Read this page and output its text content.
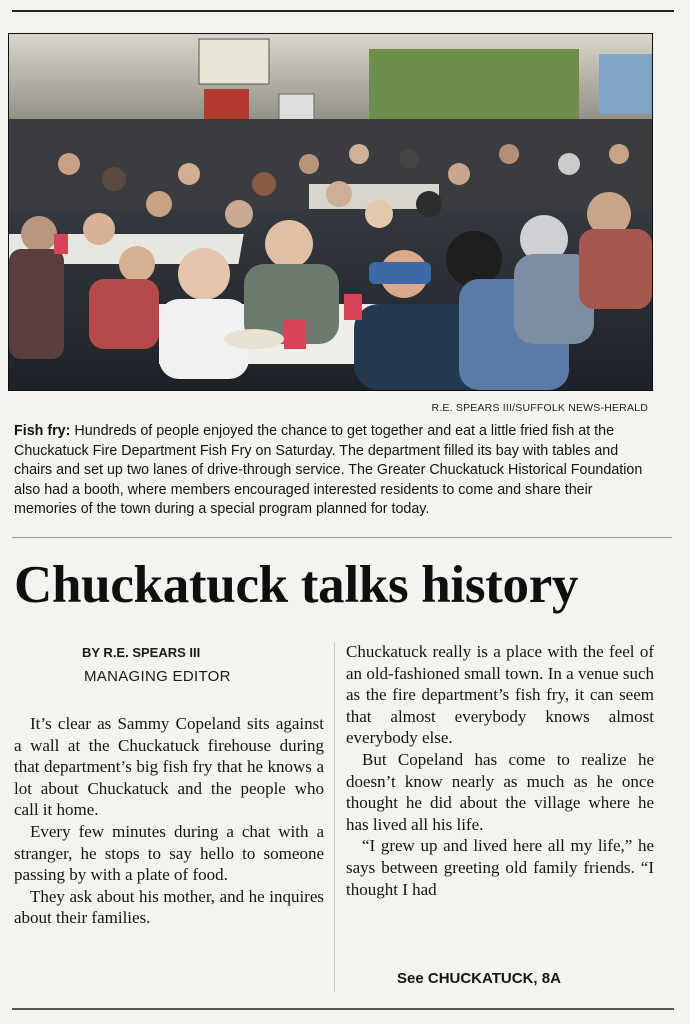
R.E. SPEARS III/SUFFOLK NEWS-HERALD
Fish fry: Hundreds of people enjoyed the chance to get together and eat a little fried fish at the Chuckatuck Fire Department Fish Fry on Saturday. The department filled its bay with tables and chairs and set up two lanes of drive-through service. The Greater Chuckatuck Historical Foundation also had a booth, where members encouraged interested residents to come and share their memories of the town during a special program planned for today.
Chuckatuck talks history
BY R.E. SPEARS III
MANAGING EDITOR

It’s clear as Sammy Copeland sits against a wall at the Chuckatuck firehouse during that department’s big fish fry that he knows a lot about Chuckatuck and the people who call it home.

Every few minutes during a chat with a stranger, he stops to say hello to someone passing by with a plate of food.

They ask about his mother, and he inquires about their families.

Chuckatuck really is a place with the feel of an old-fashioned small town. In a venue such as the fire department’s fish fry, it can seem that almost everybody knows almost everybody else.

But Copeland has come to realize he doesn’t know nearly as much as he once thought he did about the village where he has lived all his life.

“I grew up and lived here all my life,” he says between greeting old family friends. “I thought I had

See CHUCKATUCK, 8A
